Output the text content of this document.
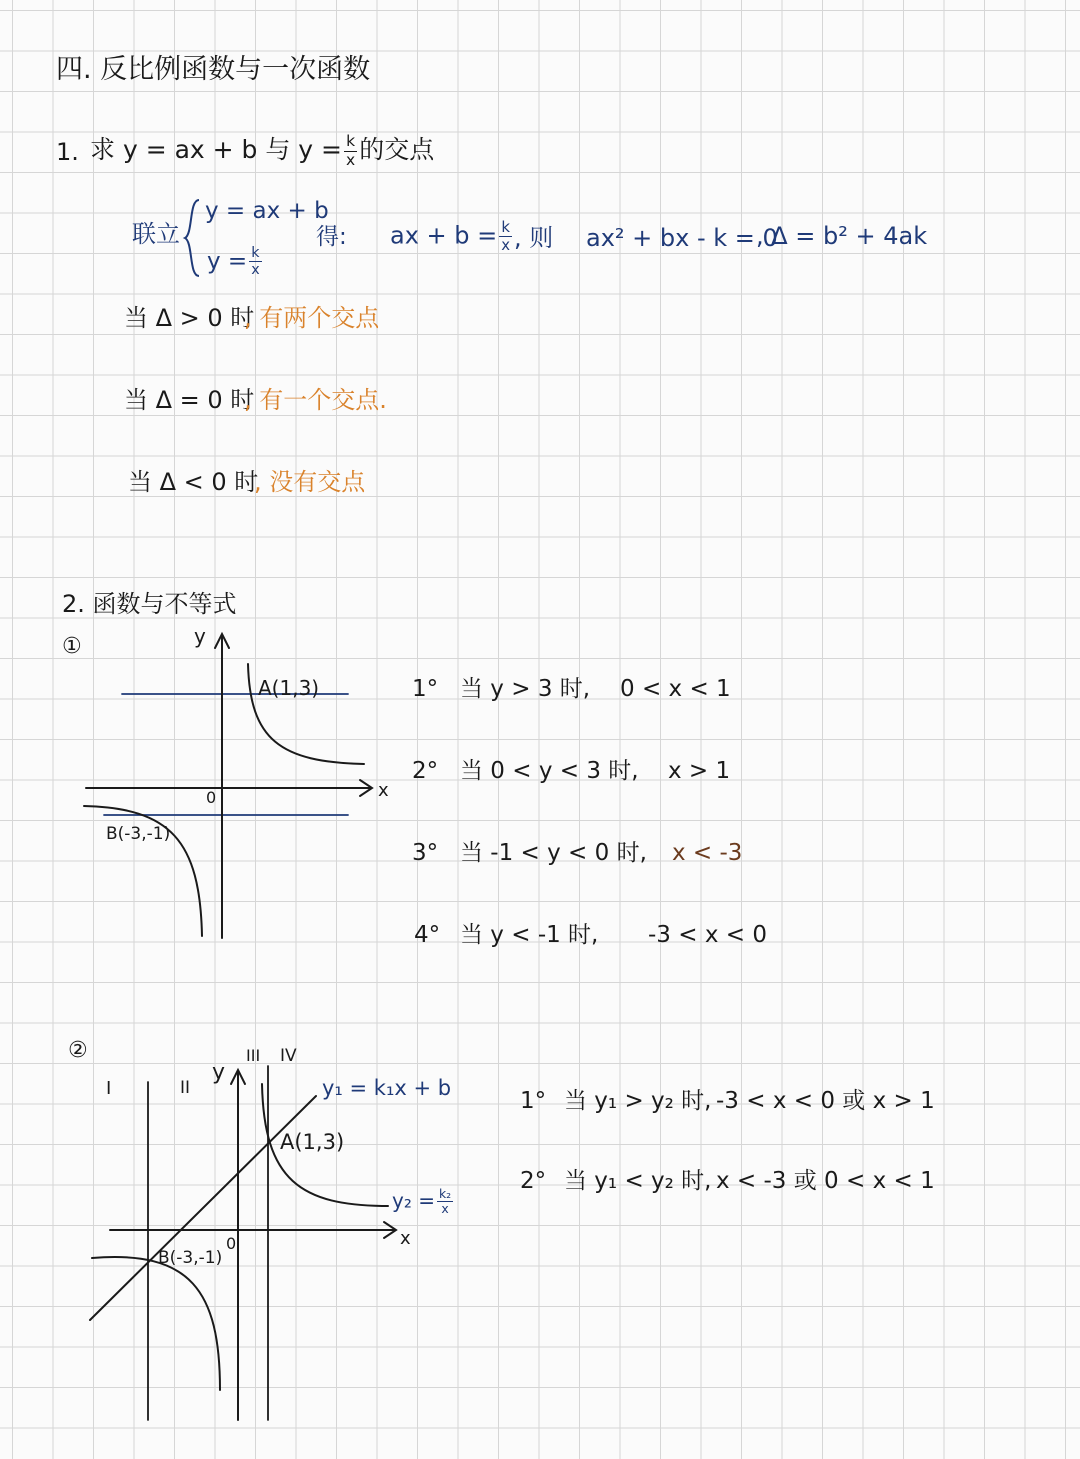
四. 反比例函数与一次函数
1. 求 y = ax + b 与 $y = \frac{k}{x}$ 的交点
联立
y = ax + b
$y = \frac{k}{x}$
得: ax + $b = \frac{k}{x}$ , 则 ax² + bx - k = 0
, Δ = b² + 4ak
当 Δ > 0 时
, 有两个交点
当 Δ = 0 时
, 有一个交点.
当 Δ < 0 时
, 没有交点
2. 函数与不等式
①	y
x
0
A(1,3)
B(-3,-1)
1° 当 y > 3 时, 0 < x < 1
2° 当 0 < y < 3 时, x > 1
3° 当 -1 < y < 0 时, x < -3
4° 当 y < -1 时, -3 < x < 0
②
I	II
III IV
y
x
0
y₁ = k₁x + b
A(1,3)
B(-3,-1)
$y_2 = \frac{\text{k₂}}{x}$
1° 当 y₁ > y₂ 时, -3 < x < 0 或 x > 1
2° 当 y₁ < y₂ 时, x < -3 或 0 < x < 1
